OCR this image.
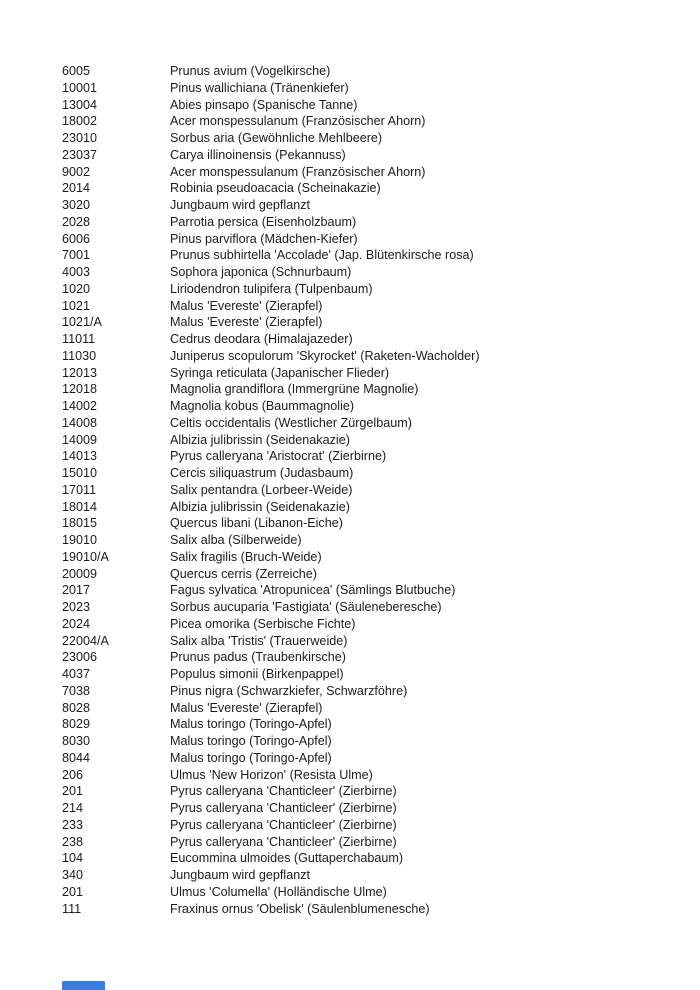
6005	Prunus avium (Vogelkirsche)
10001	Pinus wallichiana (Tränenkiefer)
13004	Abies pinsapo (Spanische Tanne)
18002	Acer monspessulanum (Französischer Ahorn)
23010	Sorbus aria (Gewöhnliche Mehlbeere)
23037	Carya illinoinensis (Pekannuss)
9002	Acer monspessulanum (Französischer Ahorn)
2014	Robinia pseudoacacia (Scheinakazie)
3020	Jungbaum wird gepflanzt
2028	Parrotia persica (Eisenholzbaum)
6006	Pinus parviflora (Mädchen-Kiefer)
7001	Prunus subhirtella 'Accolade' (Jap. Blütenkirsche rosa)
4003	Sophora japonica (Schnurbaum)
1020	Liriodendron tulipifera (Tulpenbaum)
1021	Malus 'Evereste' (Zierapfel)
1021/A	Malus 'Evereste' (Zierapfel)
11011	Cedrus deodara (Himalajazeder)
11030	Juniperus scopulorum 'Skyrocket' (Raketen-Wacholder)
12013	Syringa reticulata (Japanischer Flieder)
12018	Magnolia grandiflora (Immergrüne Magnolie)
14002	Magnolia kobus (Baummagnolie)
14008	Celtis occidentalis (Westlicher Zürgelbaum)
14009	Albizia julibrissin (Seidenakazie)
14013	Pyrus calleryana 'Aristocrat' (Zierbirne)
15010	Cercis siliquastrum (Judasbaum)
17011	Salix pentandra (Lorbeer-Weide)
18014	Albizia julibrissin (Seidenakazie)
18015	Quercus libani (Libanon-Eiche)
19010	Salix alba (Silberweide)
19010/A	Salix fragilis (Bruch-Weide)
20009	Quercus cerris (Zerreiche)
2017	Fagus sylvatica 'Atropunicea' (Sämlings Blutbuche)
2023	Sorbus aucuparia 'Fastigiata' (Säuleneberesche)
2024	Picea omorika (Serbische Fichte)
22004/A	Salix alba 'Tristis' (Trauerweide)
23006	Prunus padus (Traubenkirsche)
4037	Populus simonii (Birkenpappel)
7038	Pinus nigra (Schwarzkiefer, Schwarzföhre)
8028	Malus 'Evereste' (Zierapfel)
8029	Malus toringo (Toringo-Apfel)
8030	Malus toringo (Toringo-Apfel)
8044	Malus toringo (Toringo-Apfel)
206	Ulmus 'New Horizon' (Resista Ulme)
201	Pyrus calleryana 'Chanticleer' (Zierbirne)
214	Pyrus calleryana 'Chanticleer' (Zierbirne)
233	Pyrus calleryana 'Chanticleer' (Zierbirne)
238	Pyrus calleryana 'Chanticleer' (Zierbirne)
104	Eucommina ulmoides (Guttaperchabaum)
340	Jungbaum wird gepflanzt
201	Ulmus 'Columella' (Holländische Ulme)
111	Fraxinus ornus 'Obelisk' (Säulenblumenesche)
